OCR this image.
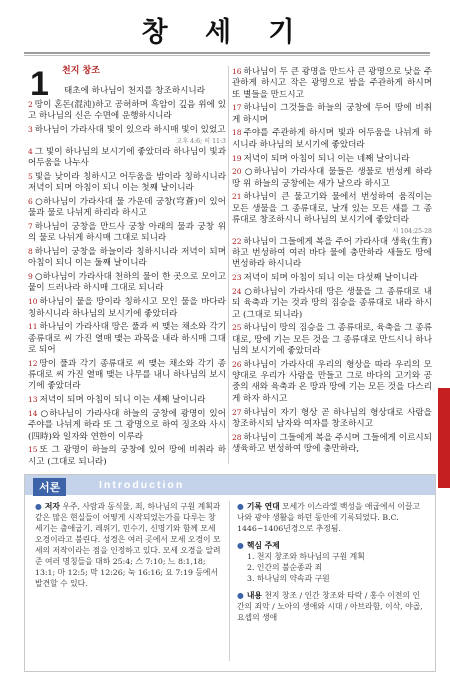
창 세 기
1 천지 창조

태초에 하나님이 천지를 창조하시니라

2 땅이 혼돈(混沌)하고 공허하며 흑암이 깊음 위에 있고 하나님의 신은 수면에 운행하시니라

3 하나님이 가라사대 빛이 있으라 하시매 빛이 있었고

고후 4:6; 히 11:3

4 그 빛이 하나님의 보시기에 좋았더라 하나님이 빛과 어두움을 나누사

5 빛을 낮이라 칭하시고 어두움을 밤이라 칭하시니라 저녁이 되며 아침이 되니 이는 첫째 날이니라

6 ○하나님이 가라사대 물 가운데 궁창(穹蒼)이 있어 물과 물로 나뉘게 하리라 하시고

7 하나님이 궁창을 만드사 궁창 아래의 물과 궁창 위의 물로 나뉘게 하시매 그대로 되니라

8 하나님이 궁창을 하늘이라 칭하시니라 저녁이 되며 아침이 되니 이는 둘째 날이니라

9 ○하나님이 가라사대 천하의 물이 한 곳으로 모이고 뭍이 드러나라 하시매 그대로 되니라

10 하나님이 뭍을 땅이라 칭하시고 모인 물을 바다라 칭하시니라 하나님의 보시기에 좋았더라

11 하나님이 가라사대 땅은 풀과 씨 맺는 채소와 각기 종류대로 씨 가진 열매 맺는 과목을 내라 하시매 그대로 되어

12 땅이 풀과 각기 종류대로 씨 맺는 채소와 각기 종류대로 씨 가진 열매 맺는 나무를 내니 하나님의 보시기에 좋았더라

13 저녁이 되며 아침이 되니 이는 세째 날이니라

14 ○하나님이 가라사대 하늘의 궁창에 광명이 있어 주야를 나뉘게 하라 또 그 광명으로 하여 징조와 사시(四時)와 일자와 연한이 이루라

15 또 그 광명이 하늘의 궁창에 있어 땅에 비취라 하시고 (그대로 되니라)

16 하나님이 두 큰 광명을 만드사 큰 광명으로 낮을 주관하게 하시고 작은 광명으로 밤을 주관하게 하시며 또 별들을 만드시고

17 하나님이 그것들을 하늘의 궁창에 두어 땅에 비취게 하시며

18 주야를 주관하게 하시며 빛과 어두움을 나뉘게 하시니라 하나님의 보시기에 좋았더라

19 저녁이 되며 아침이 되니 이는 네째 날이니라

20 ○하나님이 가라사대 물들은 생물로 번성케 하라 땅 위 하늘의 궁창에는 새가 날으라 하시고

21 하나님이 큰 물고기와 물에서 번성하여 움직이는 모든 생물을 그 종류대로, 날개 있는 모든 새를 그 종류대로 창조하시니 하나님의 보시기에 좋았더라

시 104:25-28

22 하나님이 그들에게 복을 주어 가라사대 생육(生育)하고 번성하여 여러 바다 물에 충만하라 새들도 땅에 번성하라 하시니라

23 저녁이 되며 아침이 되니 이는 다섯째 날이니라

24 ○하나님이 가라사대 땅은 생물을 그 종류대로 내되 육축과 기는 것과 땅의 짐승을 종류대로 내라 하시고 (그대로 되니라)

25 하나님이 땅의 짐승을 그 종류대로, 육축을 그 종류대로, 땅에 기는 모든 것을 그 종류대로 만드시니 하나님의 보시기에 좋았더라

26 하나님이 가라사대 우리의 형상을 따라 우리의 모양대로 우리가 사람을 만들고 그로 바다의 고기와 공중의 새와 육축과 온 땅과 땅에 기는 모든 것을 다스리게 하자 하시고

27 하나님이 자기 형상 곧 하나님의 형상대로 사람을 창조하시되 남자와 여자를 창조하시고

28 하나님이 그들에게 복을 주시며 그들에게 이르시되 생육하고 번성하여 땅에 충만하라,

서론	Introduction
● 저자 우주, 사람과 동식물, 죄, 하나님의 구원 계획과 같은 많은 현실들이 어떻게 시작되었는가를 다루는 창세기는 출애굽기, 레위기, 민수기, 신명기와 함께 모세 오경이라고 불린다. 성경은 여러 곳에서 모세 오경이 모세의 저작이라는 점을 인정하고 있다. 모세 오경을 알려준 여러 명칭들을 대하 25:4; 스 7:10; 느 8:1,18; 13:1; 마 12:5; 막 12:26; 눅 16:16; 요 7:19 등에서 발견할 수 있다.
● 기록 연대 모세가 이스라엘 백성을 애굽에서 이끌고 나와 광야 생활을 하던 동안에 기록되었다. B.C. 1446~1406년경으로 추정됨.
● 핵심 주제

1. 천지 창조와 하나님의 구원 계획

2. 인간의 불순종과 죄

3. 하나님의 약속과 구원

● 내용 천지 창조 / 인간 창조와 타락 / 홍수 이전의 인간의 죄악 / 노아의 생애와 시대 / 아브라함, 이삭, 야곱, 요셉의 생애
